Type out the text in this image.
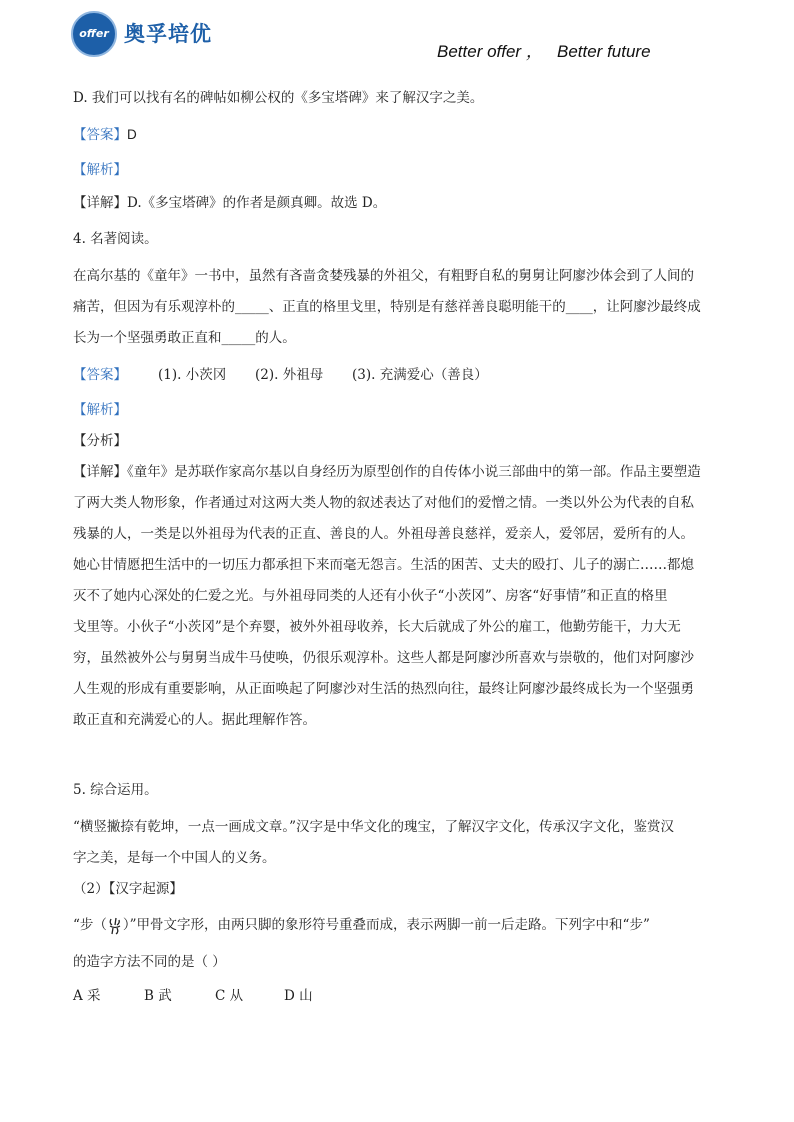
offer 奥孚培优
Better offer ，   Better future
D. 我们可以找有名的碑帖如柳公权的《多宝塔碑》来了解汉字之美。
【答案】D
【解析】
【详解】D.《多宝塔碑》的作者是颜真卿。故选 D。
4. 名著阅读。
在高尔基的《童年》一书中，虽然有吝啬贪婪残暴的外祖父，有粗野自私的舅舅让阿廖沙体会到了人间的
痛苦，但因为有乐观淳朴的_____、正直的格里戈里，特别是有慈祥善良聪明能干的____，让阿廖沙最终成
长为一个坚强勇敢正直和_____的人。
【答案】 (1). 小茨冈 (2). 外祖母 (3). 充满爱心（善良）
【解析】
【分析】
【详解】《童年》是苏联作家高尔基以自身经历为原型创作的自传体小说三部曲中的第一部。作品主要塑造
了两大类人物形象，作者通过对这两大类人物的叙述表达了对他们的爱憎之情。一类以外公为代表的自私
残暴的人，一类是以外祖母为代表的正直、善良的人。外祖母善良慈祥，爱亲人，爱邻居，爱所有的人。
她心甘情愿把生活中的一切压力都承担下来而毫无怨言。生活的困苦、丈夫的殴打、儿子的溺亡……都熄
灭不了她内心深处的仁爱之光。与外祖母同类的人还有小伙子“小茨冈”、房客“好事情”和正直的格里
戈里等。小伙子“小茨冈”是个弃婴，被外外祖母收养，长大后就成了外公的雇工，他勤劳能干，力大无
穷，虽然被外公与舅舅当成牛马使唤，仍很乐观淳朴。这些人都是阿廖沙所喜欢与崇敬的，他们对阿廖沙
人生观的形成有重要影响，从正面唤起了阿廖沙对生活的热烈向往，最终让阿廖沙最终成长为一个坚强勇
敢正直和充满爱心的人。据此理解作答。
5. 综合运用。
“横竖撇捺有乾坤，一点一画成文章。”汉字是中华文化的瑰宝，了解汉字文化，传承汉字文化，鉴赏汉
字之美，是每一个中国人的义务。
（2）【汉字起源】
“步（ ）”甲骨文字形，由两只脚的象形符号重叠而成，表示两脚一前一后走路。下列字中和“步”
的造字方法不同的是（ ）
A 采	B 武	C 从	D 山
